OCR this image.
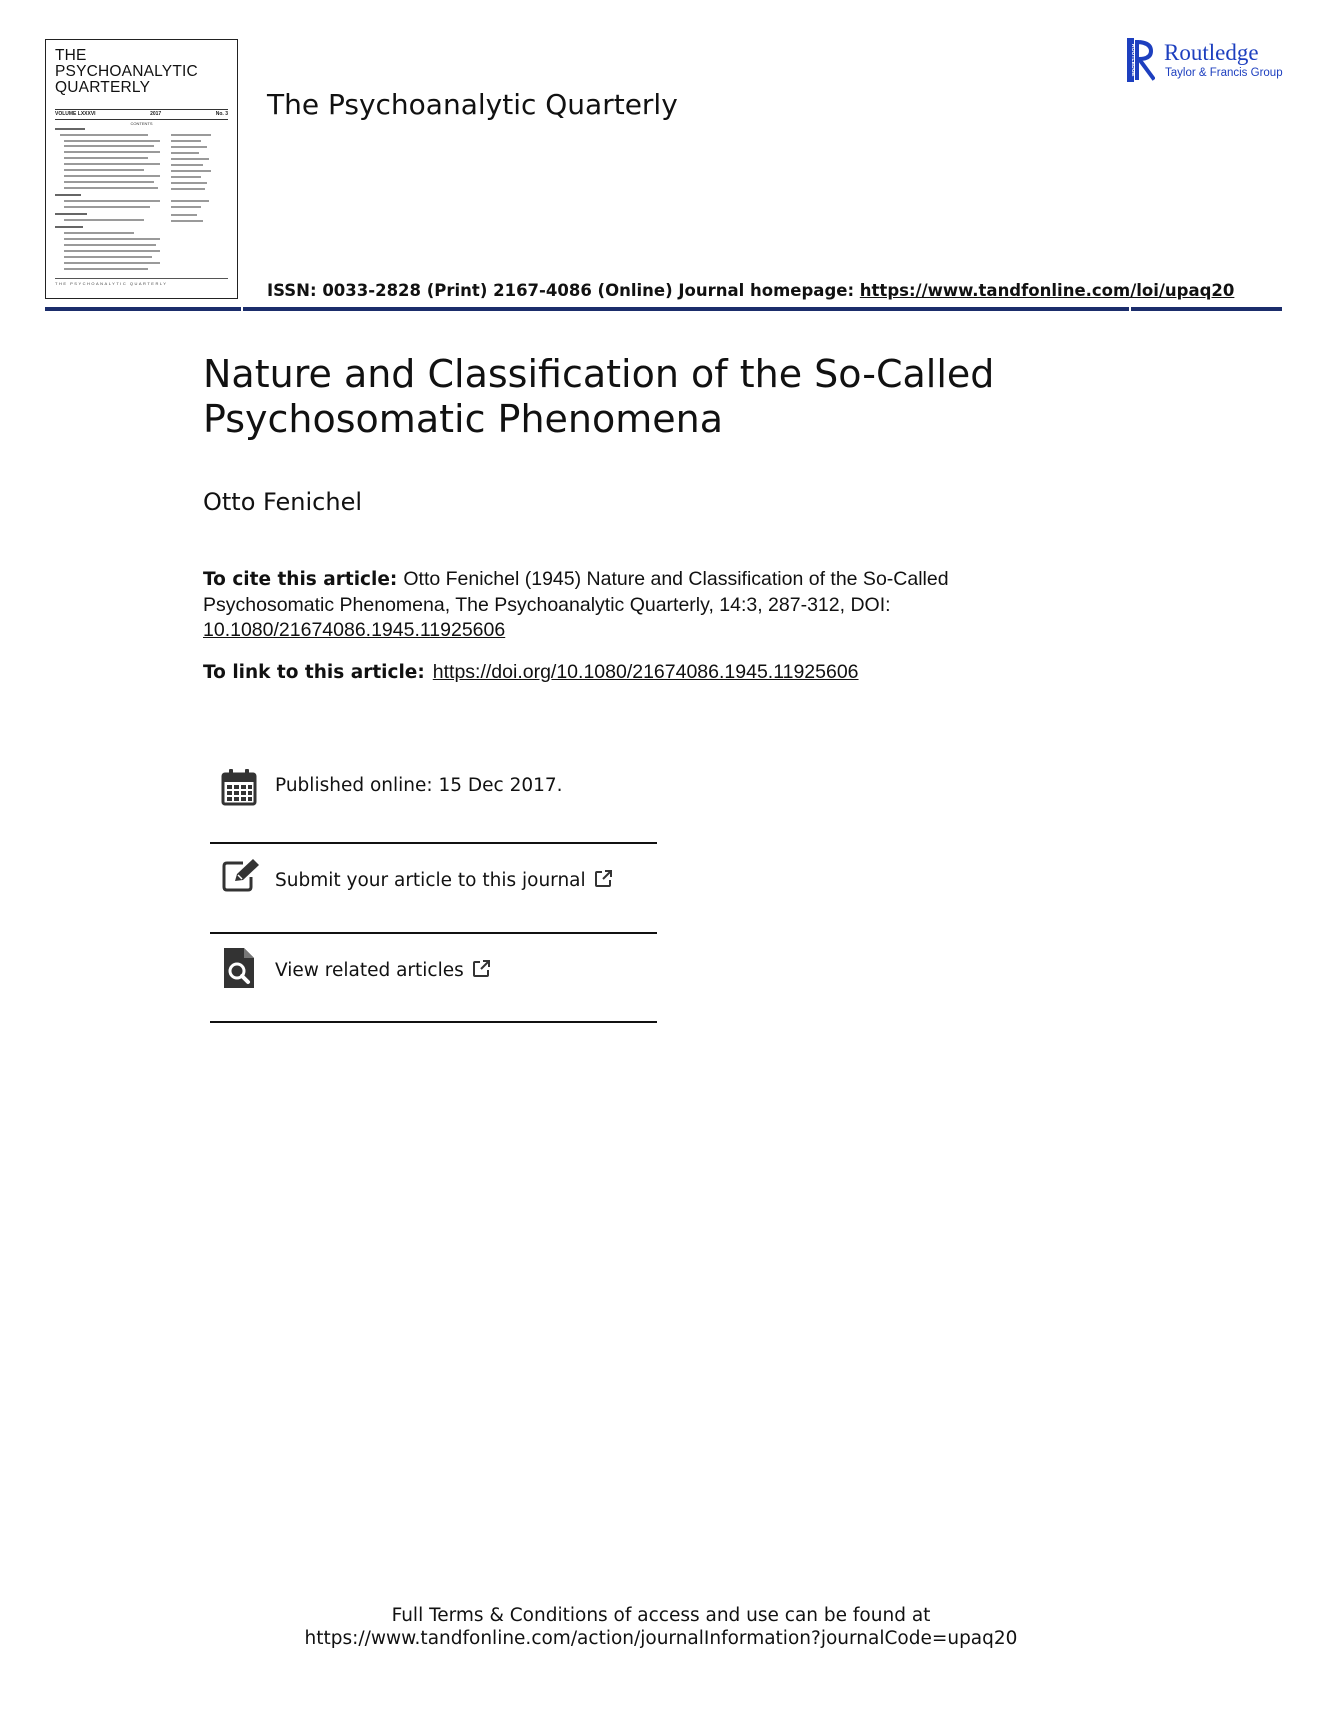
THE
PSYCHOANALYTIC
QUARTERLY
VOLUME LXXXVI	2017	No. 3
CONTENTS
THE PSYCHOANALYTIC QUARTERLY
The Psychoanalytic Quarterly
ROUTLEDGE Routledge
Taylor & Francis Group
ISSN: 0033-2828 (Print) 2167-4086 (Online) Journal homepage: https://www.tandfonline.com/loi/upaq20
Nature and Classification of the So-Called
Psychosomatic Phenomena
Otto Fenichel
To cite this article: Otto Fenichel (1945) Nature and Classification of the So-Called Psychosomatic Phenomena, The Psychoanalytic Quarterly, 14:3, 287-312, DOI: 10.1080/21674086.1945.11925606
To link to this article: https://doi.org/10.1080/21674086.1945.11925606
Published online: 15 Dec 2017.
Submit your article to this journal
View related articles
Full Terms & Conditions of access and use can be found at
https://www.tandfonline.com/action/journalInformation?journalCode=upaq20
